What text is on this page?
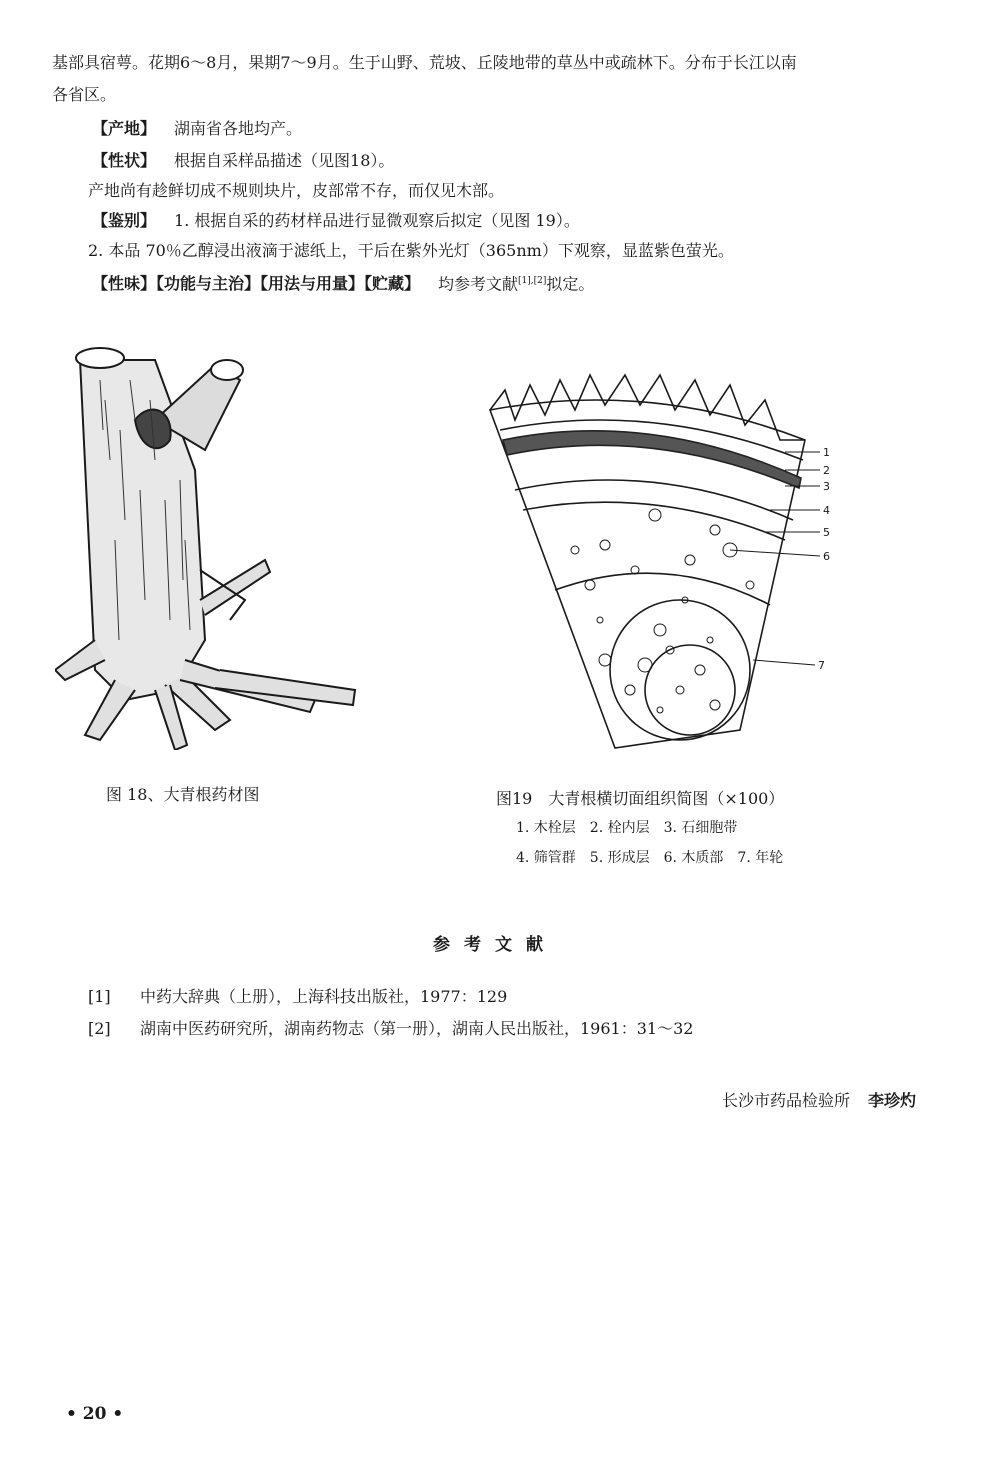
基部具宿萼。花期6～8月，果期7～9月。生于山野、荒坡、丘陵地带的草丛中或疏林下。分布于长江以南
各省区。
【产地】 湖南省各地均产。
【性状】 根据自采样品描述（见图18）。
产地尚有趁鲜切成不规则块片，皮部常不存，而仅见木部。
【鉴别】 1. 根据自采的药材样品进行显微观察后拟定（见图 19）。
2. 本品 70％乙醇浸出液滴于滤纸上，干后在紫外光灯（365nm）下观察，显蓝紫色萤光。
【性味】【功能与主治】【用法与用量】【贮藏】 均参考文献[1],[2]拟定。
1
2
3
4
5
6
7
图 18、大青根药材图	图19　大青根横切面组织简图（×100）
1. 木栓层　2. 栓内层　3. 石细胞带
4. 筛管群　5. 形成层　6. 木质部　7. 年轮
参考文献
[1] 中药大辞典（上册），上海科技出版社，1977：129
[2] 湖南中医药研究所，湖南药物志（第一册），湖南人民出版社，1961：31～32
长沙市药品检验所 李珍灼
• 20 •
